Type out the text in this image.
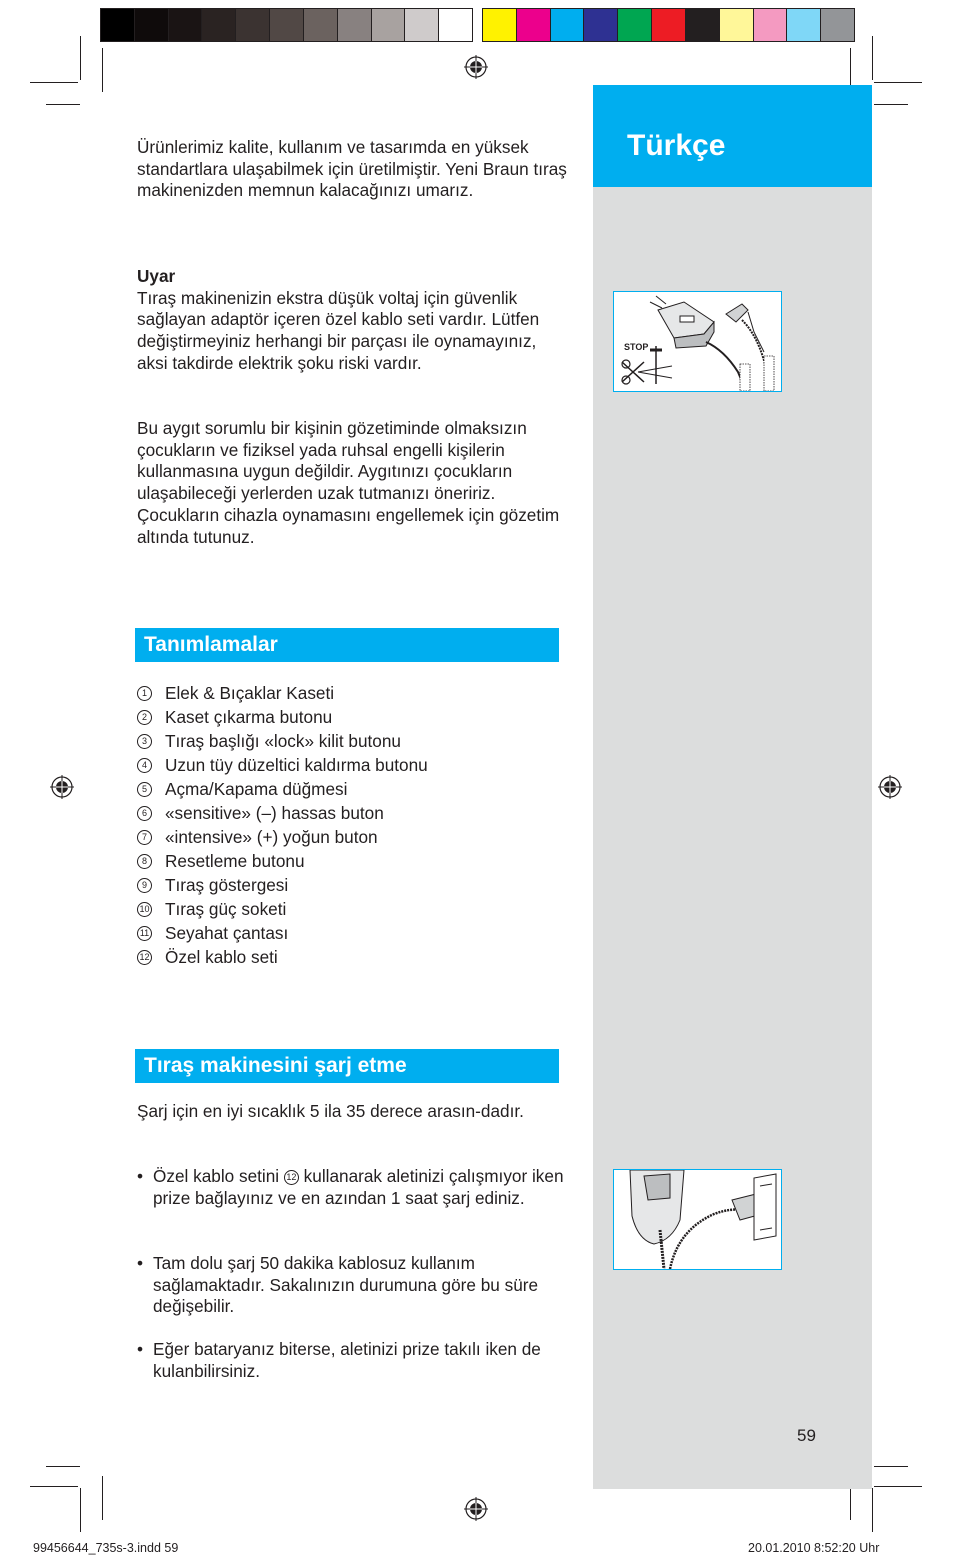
Türkçe
STOP

Ürünlerimiz kalite, kullanım ve tasarımda en yüksek standartlara ulaşabilmek için üretilmiştir. Yeni Braun tıraş makinenizden memnun kalacağınızı umarız.

Uyar
Tıraş makinenizin ekstra düşük voltaj için güvenlik sağlayan adaptör içeren özel kablo seti vardır. Lütfen değiştirmeyiniz herhangi bir parçası ile oynamayınız, aksi takdirde elektrik şoku riski vardır.

Bu aygıt sorumlu bir kişinin gözetiminde olmaksızın çocukların ve fiziksel yada ruhsal engelli kişilerin kullanmasına uygun değildir. Aygıtınızı çocukların ulaşabileceği yerlerden uzak tutmanızı öneririz. Çocukların cihazla oynamasını engellemek için gözetim altında tutunuz.

Tanımlamalar
1 Elek & Bıçaklar Kaseti
2 Kaset çıkarma butonu
3 Tıraş başlığı «lock» kilit butonu
4 Uzun tüy düzeltici kaldırma butonu
5 Açma/Kapama düğmesi
6 «sensitive» (–) hassas buton
7 «intensive» (+) yoğun buton
8 Resetleme butonu
9 Tıraş göstergesi
10 Tıraş güç soketi
11 Seyahat çantası
12 Özel kablo seti
Tıraş makinesini şarj etme

Şarj için en iyi sıcaklık 5 ila 35 derece arasın-dadır.

• Özel kablo setini 12 kullanarak aletinizi çalışmıyor iken prize bağlayınız ve en azından 1 saat şarj ediniz.
• Tam dolu şarj 50 dakika kablosuz kullanım sağlamaktadır. Sakalınızın durumuna göre bu süre değişebilir.
• Eğer bataryanız biterse, aletinizi prize takılı iken de kulanbilirsiniz.
59
99456644_735s-3.indd 59	20.01.2010 8:52:20 Uhr
